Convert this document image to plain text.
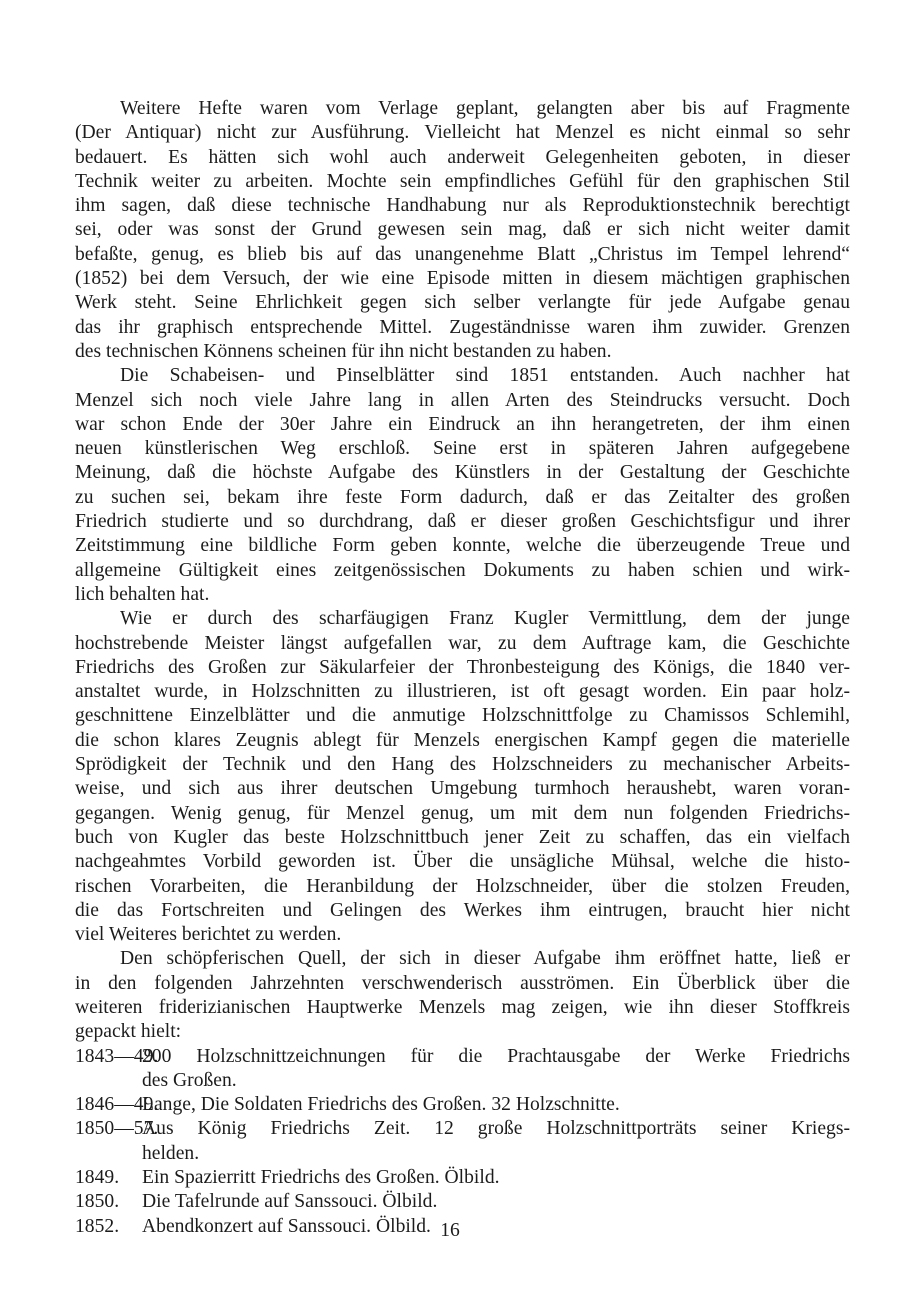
Weitere Hefte waren vom Verlage geplant, gelangten aber bis auf Fragmente
(Der Antiquar) nicht zur Ausführung. Vielleicht hat Menzel es nicht einmal so sehr
bedauert. Es hätten sich wohl auch anderweit Gelegenheiten geboten, in dieser
Technik weiter zu arbeiten. Mochte sein empfindliches Gefühl für den graphischen Stil
ihm sagen, daß diese technische Handhabung nur als Reproduktionstechnik berechtigt
sei, oder was sonst der Grund gewesen sein mag, daß er sich nicht weiter damit
befaßte, genug, es blieb bis auf das unangenehme Blatt „Christus im Tempel lehrend“
(1852) bei dem Versuch, der wie eine Episode mitten in diesem mächtigen graphischen
Werk steht. Seine Ehrlichkeit gegen sich selber verlangte für jede Aufgabe genau
das ihr graphisch entsprechende Mittel. Zugeständnisse waren ihm zuwider. Grenzen
des technischen Könnens scheinen für ihn nicht bestanden zu haben.
Die Schabeisen- und Pinselblätter sind 1851 entstanden. Auch nachher hat
Menzel sich noch viele Jahre lang in allen Arten des Steindrucks versucht. Doch
war schon Ende der 30er Jahre ein Eindruck an ihn herangetreten, der ihm einen
neuen künstlerischen Weg erschloß. Seine erst in späteren Jahren aufgegebene
Meinung, daß die höchste Aufgabe des Künstlers in der Gestaltung der Geschichte
zu suchen sei, bekam ihre feste Form dadurch, daß er das Zeitalter des großen
Friedrich studierte und so durchdrang, daß er dieser großen Geschichtsfigur und ihrer
Zeitstimmung eine bildliche Form geben konnte, welche die überzeugende Treue und
allgemeine Gültigkeit eines zeitgenössischen Dokuments zu haben schien und wirk-
lich behalten hat.
Wie er durch des scharfäugigen Franz Kugler Vermittlung, dem der junge
hochstrebende Meister längst aufgefallen war, zu dem Auftrage kam, die Geschichte
Friedrichs des Großen zur Säkularfeier der Thronbesteigung des Königs, die 1840 ver-
anstaltet wurde, in Holzschnitten zu illustrieren, ist oft gesagt worden. Ein paar holz-
geschnittene Einzelblätter und die anmutige Holzschnittfolge zu Chamissos Schlemihl,
die schon klares Zeugnis ablegt für Menzels energischen Kampf gegen die materielle
Sprödigkeit der Technik und den Hang des Holzschneiders zu mechanischer Arbeits-
weise, und sich aus ihrer deutschen Umgebung turmhoch heraushebt, waren voran-
gegangen. Wenig genug, für Menzel genug, um mit dem nun folgenden Friedrichs-
buch von Kugler das beste Holzschnittbuch jener Zeit zu schaffen, das ein vielfach
nachgeahmtes Vorbild geworden ist. Über die unsägliche Mühsal, welche die histo-
rischen Vorarbeiten, die Heranbildung der Holzschneider, über die stolzen Freuden,
die das Fortschreiten und Gelingen des Werkes ihm eintrugen, braucht hier nicht
viel Weiteres berichtet zu werden.
Den schöpferischen Quell, der sich in dieser Aufgabe ihm eröffnet hatte, ließ er
in den folgenden Jahrzehnten verschwenderisch ausströmen. Ein Überblick über die
weiteren friderizianischen Hauptwerke Menzels mag zeigen, wie ihn dieser Stoffkreis
gepackt hielt:
1843—49.
200 Holzschnittzeichnungen für die Prachtausgabe der Werke Friedrichs
des Großen.
1846—49.
Lange, Die Soldaten Friedrichs des Großen. 32 Holzschnitte.
1850—57.
Aus König Friedrichs Zeit. 12 große Holzschnittporträts seiner Kriegs-
helden.
1849. Ein Spazierritt Friedrichs des Großen. Ölbild.
1850. Die Tafelrunde auf Sanssouci. Ölbild.
1852. Abendkonzert auf Sanssouci. Ölbild. 16
